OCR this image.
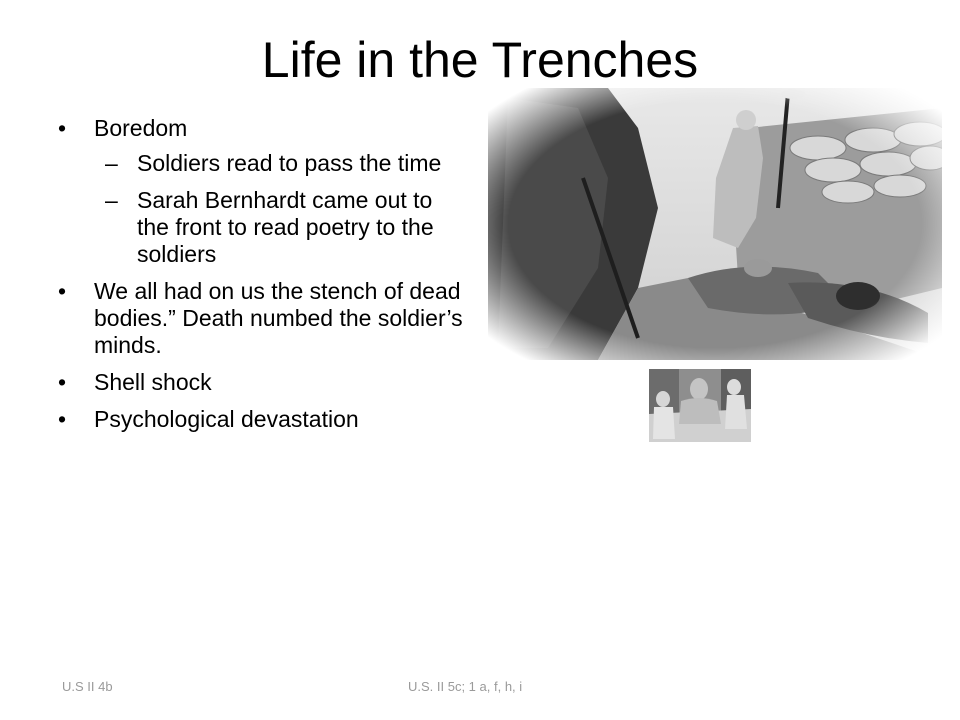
Life in the Trenches
• Boredom
– Soldiers read to pass the time
– Sarah Bernhardt came out to the front to read poetry to the soldiers
• We all had on us the stench of dead bodies.” Death numbed the soldier’s minds.
• Shell shock
• Psychological devastation
U.S II 4b	U.S. II 5c; 1 a, f, h, i
